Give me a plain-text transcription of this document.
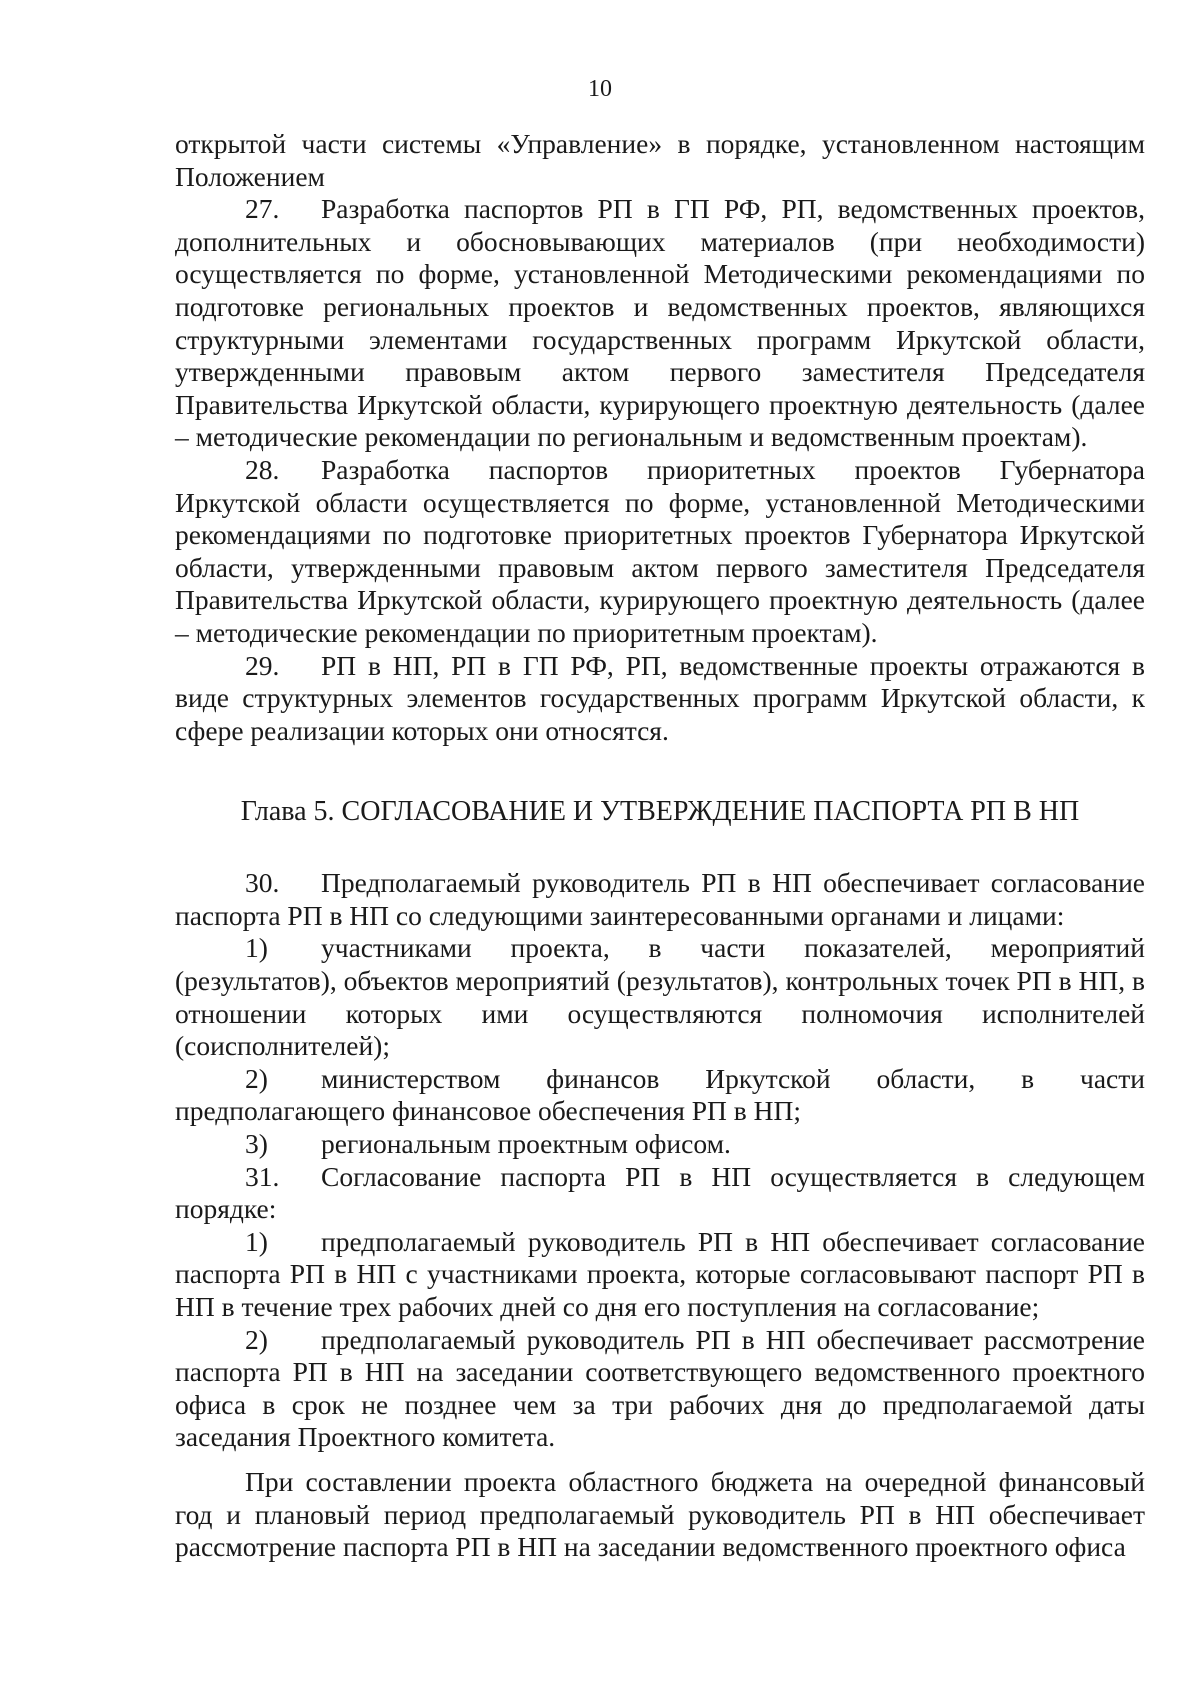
10

открытой части системы «Управление» в порядке, установленном настоящим Положением

27. Разработка паспортов РП в ГП РФ, РП, ведомственных проектов, дополнительных и обосновывающих материалов (при необходимости) осуществляется по форме, установленной Методическими рекомендациями по подготовке региональных проектов и ведомственных проектов, являющихся структурными элементами государственных программ Иркутской области, утвержденными правовым актом первого заместителя Председателя Правительства Иркутской области, курирующего проектную деятельность (далее – методические рекомендации по региональным и ведомственным проектам).

28. Разработка паспортов приоритетных проектов Губернатора Иркутской области осуществляется по форме, установленной Методическими рекомендациями по подготовке приоритетных проектов Губернатора Иркутской области, утвержденными правовым актом первого заместителя Председателя Правительства Иркутской области, курирующего проектную деятельность (далее – методические рекомендации по приоритетным проектам).

29. РП в НП, РП в ГП РФ, РП, ведомственные проекты отражаются в виде структурных элементов государственных программ Иркутской области, к сфере реализации которых они относятся.

Глава 5. СОГЛАСОВАНИЕ И УТВЕРЖДЕНИЕ ПАСПОРТА РП В НП

30. Предполагаемый руководитель РП в НП обеспечивает согласование паспорта РП в НП со следующими заинтересованными органами и лицами:

1) участниками проекта, в части показателей, мероприятий (результатов), объектов мероприятий (результатов), контрольных точек РП в НП, в отношении которых ими осуществляются полномочия исполнителей (соисполнителей);

2) министерством финансов Иркутской области, в части предполагающего финансовое обеспечения РП в НП;

3) региональным проектным офисом.

31. Согласование паспорта РП в НП осуществляется в следующем порядке:

1) предполагаемый руководитель РП в НП обеспечивает согласование паспорта РП в НП с участниками проекта, которые согласовывают паспорт РП в НП в течение трех рабочих дней со дня его поступления на согласование;

2) предполагаемый руководитель РП в НП обеспечивает рассмотрение паспорта РП в НП на заседании соответствующего ведомственного проектного офиса в срок не позднее чем за три рабочих дня до предполагаемой даты заседания Проектного комитета.

При составлении проекта областного бюджета на очередной финансовый год и плановый период предполагаемый руководитель РП в НП обеспечивает рассмотрение паспорта РП в НП на заседании ведомственного проектного офиса
